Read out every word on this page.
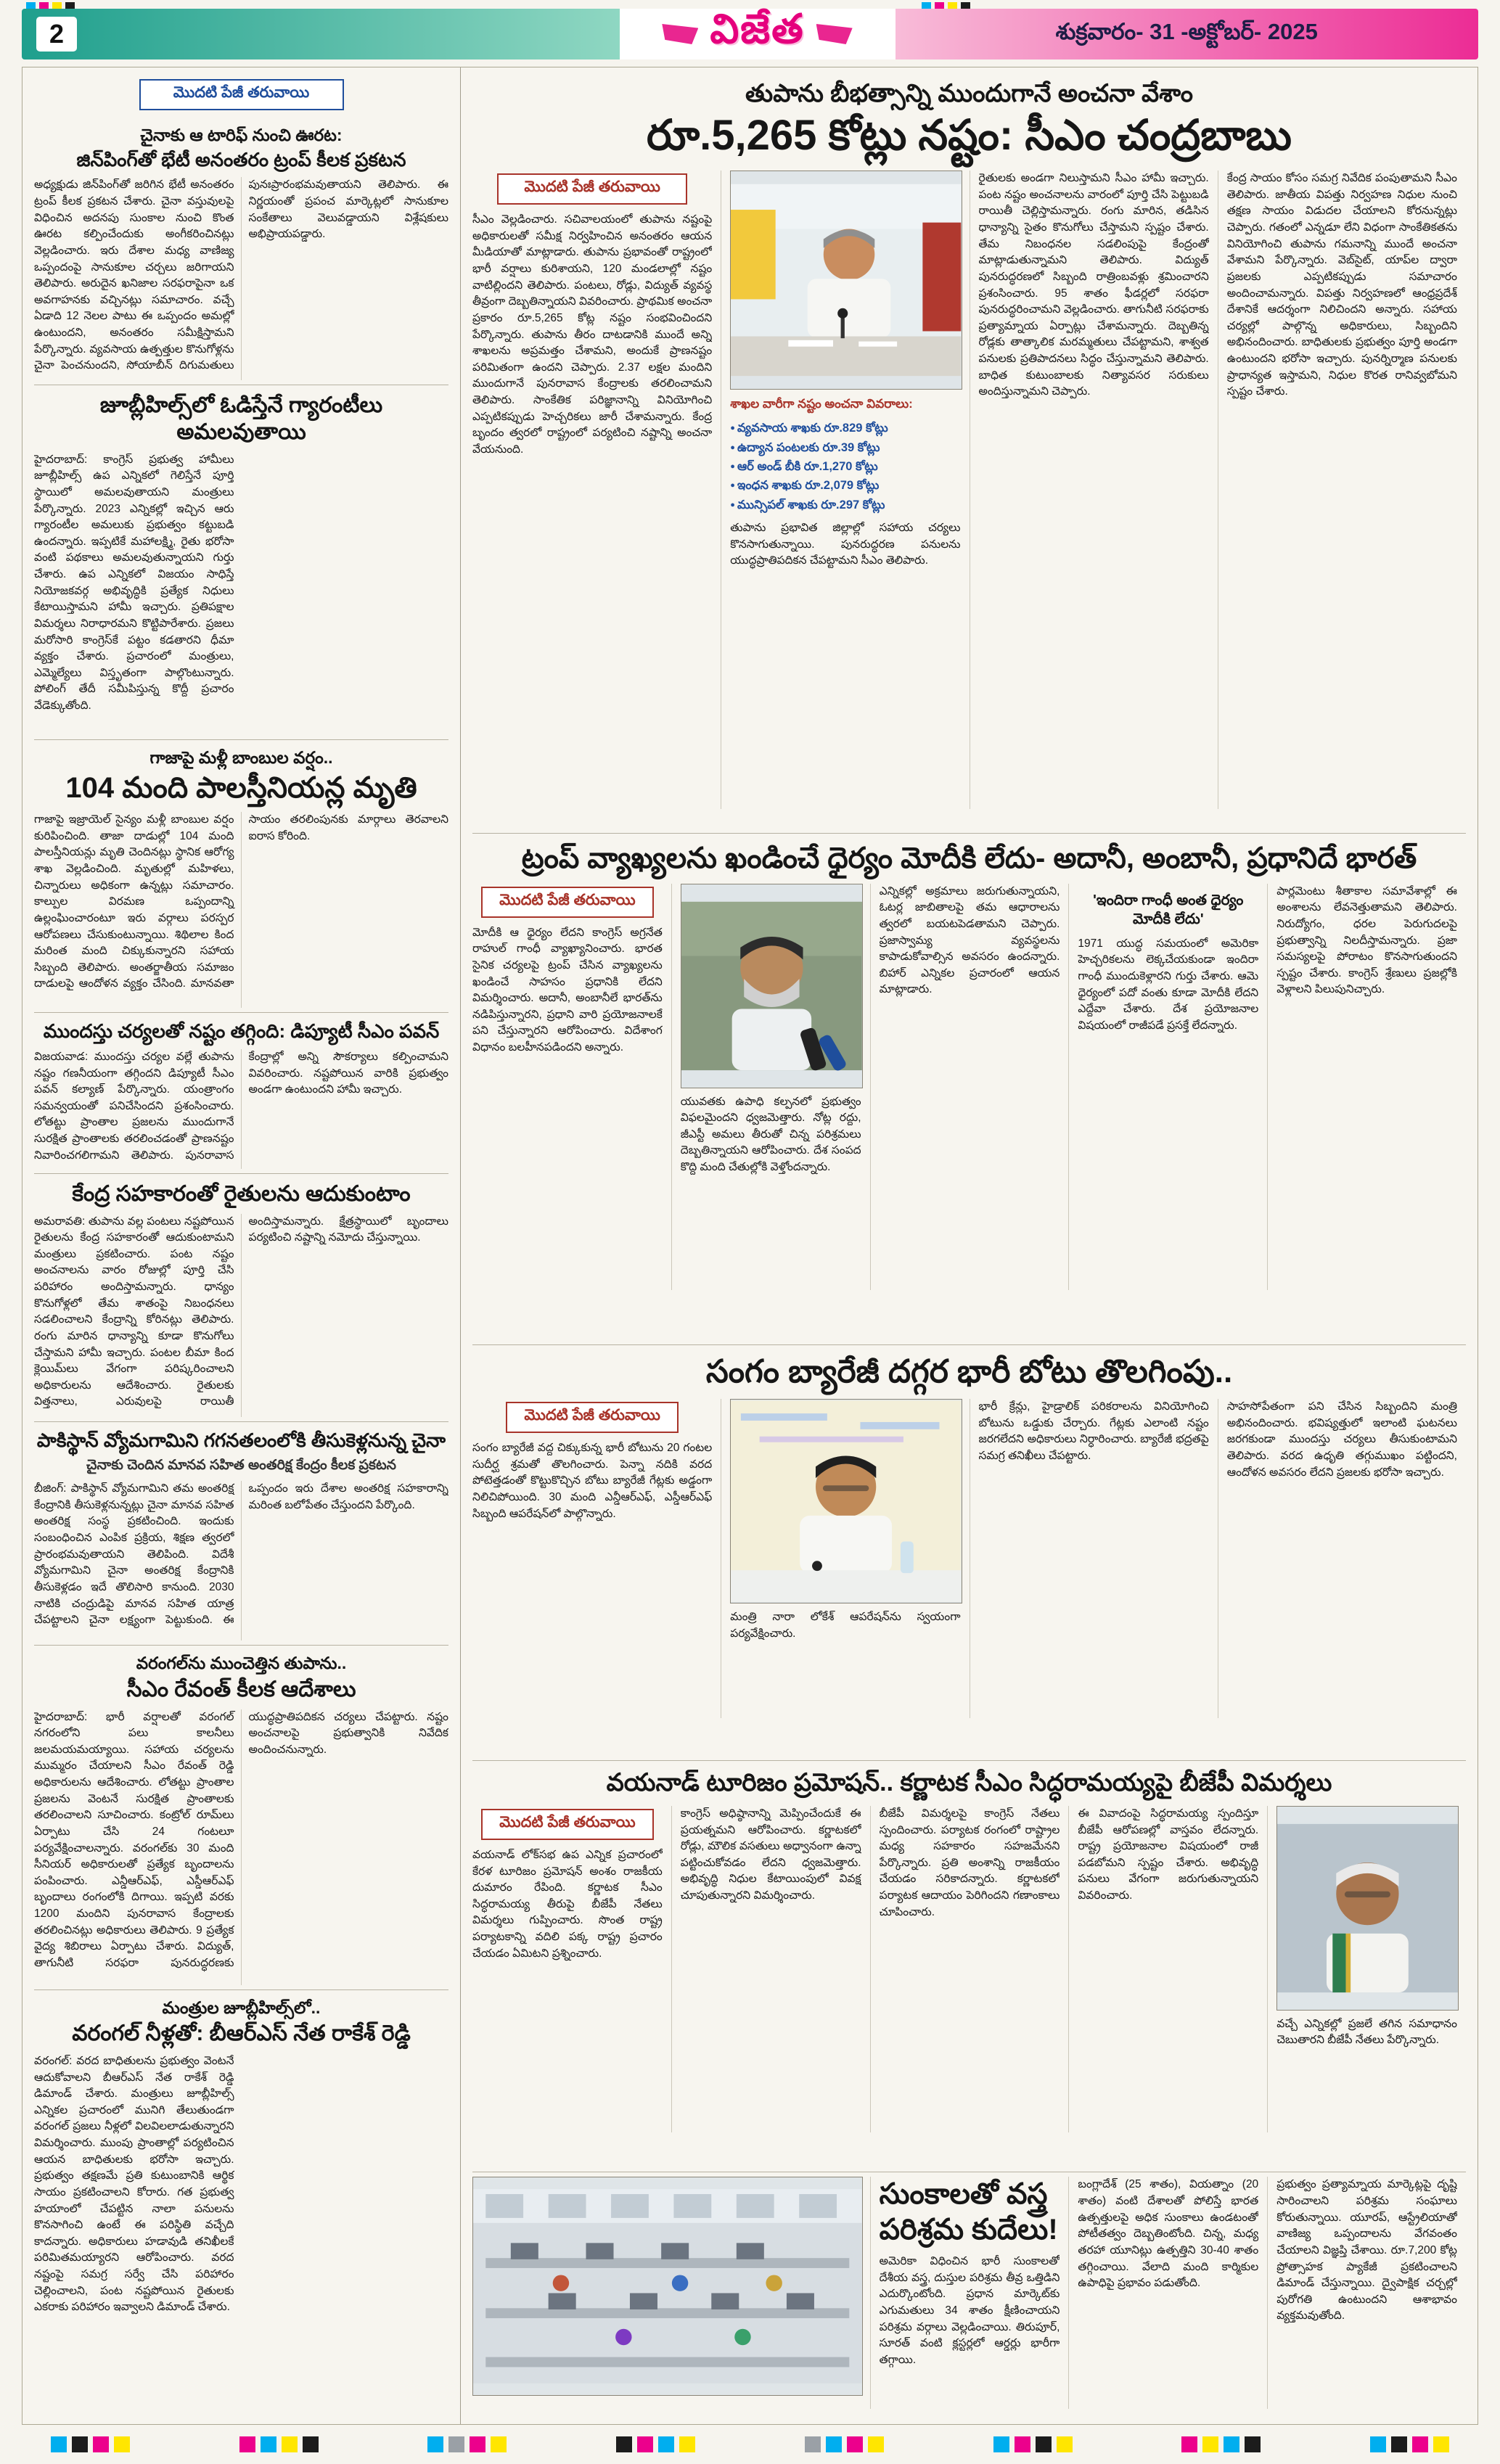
2	విజేత	శుక్రవారం- 31 -అక్టోబర్- 2025
మొదటి పేజీ తరువాయి
చైనాకు ఆ టారిఫ్ నుంచి ఊరట:
జిన్‌పింగ్‌తో భేటీ అనంతరం ట్రంప్ కీలక ప్రకటన
అధ్యక్షుడు జిన్‌పింగ్‌తో జరిగిన భేటీ అనంతరం ట్రంప్ కీలక ప్రకటన చేశారు. చైనా వస్తువులపై విధించిన అదనపు సుంకాల నుంచి కొంత ఊరట కల్పించేందుకు అంగీకరించినట్లు వెల్లడించారు. ఇరు దేశాల మధ్య వాణిజ్య ఒప్పందంపై సానుకూల చర్చలు జరిగాయని తెలిపారు. అరుదైన ఖనిజాల సరఫరాపైనా ఒక అవగాహనకు వచ్చినట్లు సమాచారం. వచ్చే ఏడాది 12 నెలల పాటు ఈ ఒప్పందం అమల్లో ఉంటుందని, అనంతరం సమీక్షిస్తామని పేర్కొన్నారు. వ్యవసాయ ఉత్పత్తుల కొనుగోళ్లను చైనా పెంచనుందని, సోయాబీన్ దిగుమతులు పునఃప్రారంభమవుతాయని తెలిపారు. ఈ నిర్ణయంతో ప్రపంచ మార్కెట్లలో సానుకూల సంకేతాలు వెలువడ్డాయని విశ్లేషకులు అభిప్రాయపడ్డారు.
జూబ్లీహిల్స్‌లో ఓడిస్తేనే గ్యారంటీలు అమలవుతాయి
హైదరాబాద్: కాంగ్రెస్ ప్రభుత్వ హామీలు జూబ్లీహిల్స్ ఉప ఎన్నికలో గెలిస్తేనే పూర్తి స్థాయిలో అమలవుతాయని మంత్రులు పేర్కొన్నారు. 2023 ఎన్నికల్లో ఇచ్చిన ఆరు గ్యారంటీల అమలుకు ప్రభుత్వం కట్టుబడి ఉందన్నారు. ఇప్పటికే మహాలక్ష్మి, రైతు భరోసా వంటి పథకాలు అమలవుతున్నాయని గుర్తు చేశారు. ఉప ఎన్నికలో విజయం సాధిస్తే నియోజకవర్గ అభివృద్ధికి ప్రత్యేక నిధులు కేటాయిస్తామని హామీ ఇచ్చారు. ప్రతిపక్షాల విమర్శలు నిరాధారమని కొట్టిపారేశారు. ప్రజలు మరోసారి కాంగ్రెస్‌కే పట్టం కడతారని ధీమా వ్యక్తం చేశారు. ప్రచారంలో మంత్రులు, ఎమ్మెల్యేలు విస్తృతంగా పాల్గొంటున్నారు. పోలింగ్ తేదీ సమీపిస్తున్న కొద్దీ ప్రచారం వేడెక్కుతోంది.
గాజాపై మళ్లీ బాంబుల వర్షం..
104 మంది పాలస్తీనియన్ల మృతి
గాజాపై ఇజ్రాయెల్ సైన్యం మళ్లీ బాంబుల వర్షం కురిపించింది. తాజా దాడుల్లో 104 మంది పాలస్తీనియన్లు మృతి చెందినట్లు స్థానిక ఆరోగ్య శాఖ వెల్లడించింది. మృతుల్లో మహిళలు, చిన్నారులు అధికంగా ఉన్నట్లు సమాచారం. కాల్పుల విరమణ ఒప్పందాన్ని ఉల్లంఘించారంటూ ఇరు వర్గాలు పరస్పర ఆరోపణలు చేసుకుంటున్నాయి. శిథిలాల కింద మరింత మంది చిక్కుకున్నారని సహాయ సిబ్బంది తెలిపారు. అంతర్జాతీయ సమాజం దాడులపై ఆందోళన వ్యక్తం చేసింది. మానవతా సాయం తరలింపునకు మార్గాలు తెరవాలని ఐరాస కోరింది.
ముందస్తు చర్యలతో నష్టం తగ్గింది: డిప్యూటీ సీఎం పవన్
విజయవాడ: ముందస్తు చర్యల వల్లే తుపాను నష్టం గణనీయంగా తగ్గిందని డిప్యూటీ సీఎం పవన్ కల్యాణ్ పేర్కొన్నారు. యంత్రాంగం సమన్వయంతో పనిచేసిందని ప్రశంసించారు. లోతట్టు ప్రాంతాల ప్రజలను ముందుగానే సురక్షిత ప్రాంతాలకు తరలించడంతో ప్రాణనష్టం నివారించగలిగామని తెలిపారు. పునరావాస కేంద్రాల్లో అన్ని సౌకర్యాలు కల్పించామని వివరించారు. నష్టపోయిన వారికి ప్రభుత్వం అండగా ఉంటుందని హామీ ఇచ్చారు.
కేంద్ర సహకారంతో రైతులను ఆదుకుంటాం
అమరావతి: తుపాను వల్ల పంటలు నష్టపోయిన రైతులను కేంద్ర సహకారంతో ఆదుకుంటామని మంత్రులు ప్రకటించారు. పంట నష్టం అంచనాలను వారం రోజుల్లో పూర్తి చేసి పరిహారం అందిస్తామన్నారు. ధాన్యం కొనుగోళ్లలో తేమ శాతంపై నిబంధనలు సడలించాలని కేంద్రాన్ని కోరినట్లు తెలిపారు. రంగు మారిన ధాన్యాన్ని కూడా కొనుగోలు చేస్తామని హామీ ఇచ్చారు. పంటల బీమా కింద క్లెయిమ్‌లు వేగంగా పరిష్కరించాలని అధికారులను ఆదేశించారు. రైతులకు విత్తనాలు, ఎరువులపై రాయితీ అందిస్తామన్నారు. క్షేత్రస్థాయిలో బృందాలు పర్యటించి నష్టాన్ని నమోదు చేస్తున్నాయి.
పాకిస్థాన్ వ్యోమగామిని గగనతలంలోకి తీసుకెళ్లనున్న చైనా

చైనాకు చెందిన మానవ సహిత అంతరిక్ష కేంద్రం కీలక ప్రకటన

బీజింగ్: పాకిస్థాన్ వ్యోమగామిని తమ అంతరిక్ష కేంద్రానికి తీసుకెళ్లనున్నట్లు చైనా మానవ సహిత అంతరిక్ష సంస్థ ప్రకటించింది. ఇందుకు సంబంధించిన ఎంపిక ప్రక్రియ, శిక్షణ త్వరలో ప్రారంభమవుతాయని తెలిపింది. విదేశీ వ్యోమగామిని చైనా అంతరిక్ష కేంద్రానికి తీసుకెళ్లడం ఇదే తొలిసారి కానుంది. 2030 నాటికి చంద్రుడిపై మానవ సహిత యాత్ర చేపట్టాలని చైనా లక్ష్యంగా పెట్టుకుంది. ఈ ఒప్పందం ఇరు దేశాల అంతరిక్ష సహకారాన్ని మరింత బలోపేతం చేస్తుందని పేర్కొంది.
వరంగల్‌ను ముంచెత్తిన తుపాను..
సీఎం రేవంత్ కీలక ఆదేశాలు
హైదరాబాద్: భారీ వర్షాలతో వరంగల్ నగరంలోని పలు కాలనీలు జలమయమయ్యాయి. సహాయ చర్యలను ముమ్మరం చేయాలని సీఎం రేవంత్ రెడ్డి అధికారులను ఆదేశించారు. లోతట్టు ప్రాంతాల ప్రజలను వెంటనే సురక్షిత ప్రాంతాలకు తరలించాలని సూచించారు. కంట్రోల్ రూమ్‌లు ఏర్పాటు చేసి 24 గంటలూ పర్యవేక్షించాలన్నారు. వరంగల్‌కు 30 మంది సీనియర్ అధికారులతో ప్రత్యేక బృందాలను పంపించారు. ఎన్డీఆర్ఎఫ్, ఎస్డీఆర్ఎఫ్ బృందాలు రంగంలోకి దిగాయి. ఇప్పటి వరకు 1200 మందిని పునరావాస కేంద్రాలకు తరలించినట్లు అధికారులు తెలిపారు. 9 ప్రత్యేక వైద్య శిబిరాలు ఏర్పాటు చేశారు. విద్యుత్, తాగునీటి సరఫరా పునరుద్ధరణకు యుద్ధప్రాతిపదికన చర్యలు చేపట్టారు. నష్టం అంచనాలపై ప్రభుత్వానికి నివేదిక అందించనున్నారు.
మంత్రుల జూబ్లీహిల్స్‌లో..
వరంగల్ నీళ్లతో: బీఆర్ఎస్ నేత రాకేశ్ రెడ్డి
వరంగల్: వరద బాధితులను ప్రభుత్వం వెంటనే ఆదుకోవాలని బీఆర్ఎస్ నేత రాకేశ్ రెడ్డి డిమాండ్ చేశారు. మంత్రులు జూబ్లీహిల్స్ ఎన్నికల ప్రచారంలో మునిగి తేలుతుండగా వరంగల్ ప్రజలు నీళ్లలో విలవిలలాడుతున్నారని విమర్శించారు. ముంపు ప్రాంతాల్లో పర్యటించిన ఆయన బాధితులకు భరోసా ఇచ్చారు. ప్రభుత్వం తక్షణమే ప్రతి కుటుంబానికి ఆర్థిక సాయం ప్రకటించాలని కోరారు. గత ప్రభుత్వ హయాంలో చేపట్టిన నాలా పనులను కొనసాగించి ఉంటే ఈ పరిస్థితి వచ్చేది కాదన్నారు. అధికారులు హడావుడి తనిఖీలకే పరిమితమయ్యారని ఆరోపించారు. వరద నష్టంపై సమగ్ర సర్వే చేసి పరిహారం చెల్లించాలని, పంట నష్టపోయిన రైతులకు ఎకరాకు పరిహారం ఇవ్వాలని డిమాండ్ చేశారు.
తుపాను బీభత్సాన్ని ముందుగానే అంచనా వేశాం
రూ.5,265 కోట్లు నష్టం: సీఎం చంద్రబాబు
మొదటి పేజీ తరువాయి
సీఎం వెల్లడించారు. సచివాలయంలో తుపాను నష్టంపై అధికారులతో సమీక్ష నిర్వహించిన అనంతరం ఆయన మీడియాతో మాట్లాడారు. తుపాను ప్రభావంతో రాష్ట్రంలో భారీ వర్షాలు కురిశాయని, 120 మండలాల్లో నష్టం వాటిల్లిందని తెలిపారు. పంటలు, రోడ్లు, విద్యుత్ వ్యవస్థ తీవ్రంగా దెబ్బతిన్నాయని వివరించారు. ప్రాథమిక అంచనా ప్రకారం రూ.5,265 కోట్ల నష్టం సంభవించిందని పేర్కొన్నారు. తుపాను తీరం దాటడానికి ముందే అన్ని శాఖలను అప్రమత్తం చేశామని, అందుకే ప్రాణనష్టం పరిమితంగా ఉందని చెప్పారు. 2.37 లక్షల మందిని ముందుగానే పునరావాస కేంద్రాలకు తరలించామని తెలిపారు. సాంకేతిక పరిజ్ఞానాన్ని వినియోగించి ఎప్పటికప్పుడు హెచ్చరికలు జారీ చేశామన్నారు. కేంద్ర బృందం త్వరలో రాష్ట్రంలో పర్యటించి నష్టాన్ని అంచనా వేయనుంది.
శాఖల వారీగా నష్టం అంచనా వివరాలు:
● వ్యవసాయ శాఖకు రూ.829 కోట్లు
● ఉద్యాన పంటలకు రూ.39 కోట్లు
● ఆర్ అండ్ బీకి రూ.1,270 కోట్లు
● ఇంధన శాఖకు రూ.2,079 కోట్లు
● మున్సిపల్ శాఖకు రూ.297 కోట్లు
తుపాను ప్రభావిత జిల్లాల్లో సహాయ చర్యలు కొనసాగుతున్నాయి. పునరుద్ధరణ పనులను యుద్ధప్రాతిపదికన చేపట్టామని సీఎం తెలిపారు.
రైతులకు అండగా నిలుస్తామని సీఎం హామీ ఇచ్చారు. పంట నష్టం అంచనాలను వారంలో పూర్తి చేసి పెట్టుబడి రాయితీ చెల్లిస్తామన్నారు. రంగు మారిన, తడిసిన ధాన్యాన్ని సైతం కొనుగోలు చేస్తామని స్పష్టం చేశారు. తేమ నిబంధనల సడలింపుపై కేంద్రంతో మాట్లాడుతున్నామని తెలిపారు. విద్యుత్ పునరుద్ధరణలో సిబ్బంది రాత్రింబవళ్లు శ్రమించారని ప్రశంసించారు. 95 శాతం ఫీడర్లలో సరఫరా పునరుద్ధరించామని వెల్లడించారు. తాగునీటి సరఫరాకు ప్రత్యామ్నాయ ఏర్పాట్లు చేశామన్నారు. దెబ్బతిన్న రోడ్లకు తాత్కాలిక మరమ్మతులు చేపట్టామని, శాశ్వత పనులకు ప్రతిపాదనలు సిద్ధం చేస్తున్నామని తెలిపారు. బాధిత కుటుంబాలకు నిత్యావసర సరుకులు అందిస్తున్నామని చెప్పారు.
కేంద్ర సాయం కోసం సమగ్ర నివేదిక పంపుతామని సీఎం తెలిపారు. జాతీయ విపత్తు నిర్వహణ నిధుల నుంచి తక్షణ సాయం విడుదల చేయాలని కోరనున్నట్లు చెప్పారు. గతంలో ఎన్నడూ లేని విధంగా సాంకేతికతను వినియోగించి తుపాను గమనాన్ని ముందే అంచనా వేశామని పేర్కొన్నారు. వెబ్‌సైట్, యాప్‌ల ద్వారా ప్రజలకు ఎప్పటికప్పుడు సమాచారం అందించామన్నారు. విపత్తు నిర్వహణలో ఆంధ్రప్రదేశ్ దేశానికే ఆదర్శంగా నిలిచిందని అన్నారు. సహాయ చర్యల్లో పాల్గొన్న అధికారులు, సిబ్బందిని అభినందించారు. బాధితులకు ప్రభుత్వం పూర్తి అండగా ఉంటుందని భరోసా ఇచ్చారు. పునర్నిర్మాణ పనులకు ప్రాధాన్యత ఇస్తామని, నిధుల కొరత రానివ్వబోమని స్పష్టం చేశారు.
ట్రంప్ వ్యాఖ్యలను ఖండించే ధైర్యం మోదీకి లేదు- అదానీ, అంబానీ, ప్రధానిదే భారత్
మొదటి పేజీ తరువాయి
మోదీకి ఆ ధైర్యం లేదని కాంగ్రెస్ అగ్రనేత రాహుల్ గాంధీ వ్యాఖ్యానించారు. భారత సైనిక చర్యలపై ట్రంప్ చేసిన వ్యాఖ్యలను ఖండించే సాహసం ప్రధానికి లేదని విమర్శించారు. అదానీ, అంబానీలే భారత్‌ను నడిపిస్తున్నారని, ప్రధాని వారి ప్రయోజనాలకే పని చేస్తున్నారని ఆరోపించారు. విదేశాంగ విధానం బలహీనపడిందని అన్నారు.
యువతకు ఉపాధి కల్పనలో ప్రభుత్వం విఫలమైందని ధ్వజమెత్తారు. నోట్ల రద్దు, జీఎస్టీ అమలు తీరుతో చిన్న పరిశ్రమలు దెబ్బతిన్నాయని ఆరోపించారు. దేశ సంపద కొద్ది మంది చేతుల్లోకి వెళ్తోందన్నారు.
ఎన్నికల్లో అక్రమాలు జరుగుతున్నాయని, ఓటర్ల జాబితాలపై తమ ఆధారాలను త్వరలో బయటపెడతామని చెప్పారు. ప్రజాస్వామ్య వ్యవస్థలను కాపాడుకోవాల్సిన అవసరం ఉందన్నారు. బిహార్ ఎన్నికల ప్రచారంలో ఆయన మాట్లాడారు.
'ఇందిరా గాంధీ అంత ధైర్యం మోదీకి లేదు'
1971 యుద్ధ సమయంలో అమెరికా హెచ్చరికలను లెక్కచేయకుండా ఇందిరా గాంధీ ముందుకెళ్లారని గుర్తు చేశారు. ఆమె ధైర్యంలో పదో వంతు కూడా మోదీకి లేదని ఎద్దేవా చేశారు. దేశ ప్రయోజనాల విషయంలో రాజీపడే ప్రసక్తే లేదన్నారు.
పార్లమెంటు శీతాకాల సమావేశాల్లో ఈ అంశాలను లేవనెత్తుతామని తెలిపారు. నిరుద్యోగం, ధరల పెరుగుదలపై ప్రభుత్వాన్ని నిలదీస్తామన్నారు. ప్రజా సమస్యలపై పోరాటం కొనసాగుతుందని స్పష్టం చేశారు. కాంగ్రెస్ శ్రేణులు ప్రజల్లోకి వెళ్లాలని పిలుపునిచ్చారు.
సంగం బ్యారేజీ దగ్గర భారీ బోటు తొలగింపు..
మొదటి పేజీ తరువాయి
సంగం బ్యారేజీ వద్ద చిక్కుకున్న భారీ బోటును 20 గంటల సుదీర్ఘ శ్రమతో తొలగించారు. పెన్నా నదికి వరద పోటెత్తడంతో కొట్టుకొచ్చిన బోటు బ్యారేజీ గేట్లకు అడ్డంగా నిలిచిపోయింది. 30 మంది ఎన్డీఆర్ఎఫ్, ఎస్డీఆర్ఎఫ్ సిబ్బంది ఆపరేషన్‌లో పాల్గొన్నారు.
మంత్రి నారా లోకేశ్ ఆపరేషన్‌ను స్వయంగా పర్యవేక్షించారు.
భారీ క్రేన్లు, హైడ్రాలిక్ పరికరాలను వినియోగించి బోటును ఒడ్డుకు చేర్చారు. గేట్లకు ఎలాంటి నష్టం జరగలేదని అధికారులు నిర్ధారించారు. బ్యారేజీ భద్రతపై సమగ్ర తనిఖీలు చేపట్టారు.
సాహసోపేతంగా పని చేసిన సిబ్బందిని మంత్రి అభినందించారు. భవిష్యత్తులో ఇలాంటి ఘటనలు జరగకుండా ముందస్తు చర్యలు తీసుకుంటామని తెలిపారు. వరద ఉధృతి తగ్గుముఖం పట్టిందని, ఆందోళన అవసరం లేదని ప్రజలకు భరోసా ఇచ్చారు.
వయనాడ్ టూరిజం ప్రమోషన్.. కర్ణాటక సీఎం సిద్ధరామయ్యపై బీజేపీ విమర్శలు
మొదటి పేజీ తరువాయి
వయనాడ్ లోక్‌సభ ఉప ఎన్నిక ప్రచారంలో కేరళ టూరిజం ప్రమోషన్ అంశం రాజకీయ దుమారం రేపింది. కర్ణాటక సీఎం సిద్ధరామయ్య తీరుపై బీజేపీ నేతలు విమర్శలు గుప్పించారు. సొంత రాష్ట్ర పర్యాటకాన్ని వదిలి పక్క రాష్ట్ర ప్రచారం చేయడం ఏమిటని ప్రశ్నించారు.
కాంగ్రెస్ అధిష్ఠానాన్ని మెప్పించేందుకే ఈ ప్రయత్నమని ఆరోపించారు. కర్ణాటకలో రోడ్లు, మౌలిక వసతులు అధ్వానంగా ఉన్నా పట్టించుకోవడం లేదని ధ్వజమెత్తారు. అభివృద్ధి నిధుల కేటాయింపులో వివక్ష చూపుతున్నారని విమర్శించారు.
బీజేపీ విమర్శలపై కాంగ్రెస్ నేతలు స్పందించారు. పర్యాటక రంగంలో రాష్ట్రాల మధ్య సహకారం సహజమేనని పేర్కొన్నారు. ప్రతి అంశాన్ని రాజకీయం చేయడం సరికాదన్నారు. కర్ణాటకలో పర్యాటక ఆదాయం పెరిగిందని గణాంకాలు చూపించారు.
ఈ వివాదంపై సిద్ధరామయ్య స్పందిస్తూ బీజేపీ ఆరోపణల్లో వాస్తవం లేదన్నారు. రాష్ట్ర ప్రయోజనాల విషయంలో రాజీ పడబోమని స్పష్టం చేశారు. అభివృద్ధి పనులు వేగంగా జరుగుతున్నాయని వివరించారు.
వచ్చే ఎన్నికల్లో ప్రజలే తగిన సమాధానం చెబుతారని బీజేపీ నేతలు పేర్కొన్నారు.
సుంకాలతో వస్త్ర పరిశ్రమ కుదేలు!
అమెరికా విధించిన భారీ సుంకాలతో దేశీయ వస్త్ర, దుస్తుల పరిశ్రమ తీవ్ర ఒత్తిడిని ఎదుర్కొంటోంది. ప్రధాన మార్కెట్‌కు ఎగుమతులు 34 శాతం క్షీణించాయని పరిశ్రమ వర్గాలు వెల్లడించాయి. తిరుపూర్, సూరత్ వంటి క్లస్టర్లలో ఆర్డర్లు భారీగా తగ్గాయి.
బంగ్లాదేశ్ (25 శాతం), వియత్నాం (20 శాతం) వంటి దేశాలతో పోలిస్తే భారత ఉత్పత్తులపై అధిక సుంకాలు ఉండటంతో పోటీతత్వం దెబ్బతింటోంది. చిన్న, మధ్య తరహా యూనిట్లు ఉత్పత్తిని 30-40 శాతం తగ్గించాయి. వేలాది మంది కార్మికుల ఉపాధిపై ప్రభావం పడుతోంది.
ప్రభుత్వం ప్రత్యామ్నాయ మార్కెట్లపై దృష్టి సారించాలని పరిశ్రమ సంఘాలు కోరుతున్నాయి. యూరప్, ఆస్ట్రేలియాతో వాణిజ్య ఒప్పందాలను వేగవంతం చేయాలని విజ్ఞప్తి చేశాయి. రూ.7,200 కోట్ల ప్రోత్సాహక ప్యాకేజీ ప్రకటించాలని డిమాండ్ చేస్తున్నాయి. ద్వైపాక్షిక చర్చల్లో పురోగతి ఉంటుందని ఆశాభావం వ్యక్తమవుతోంది.
